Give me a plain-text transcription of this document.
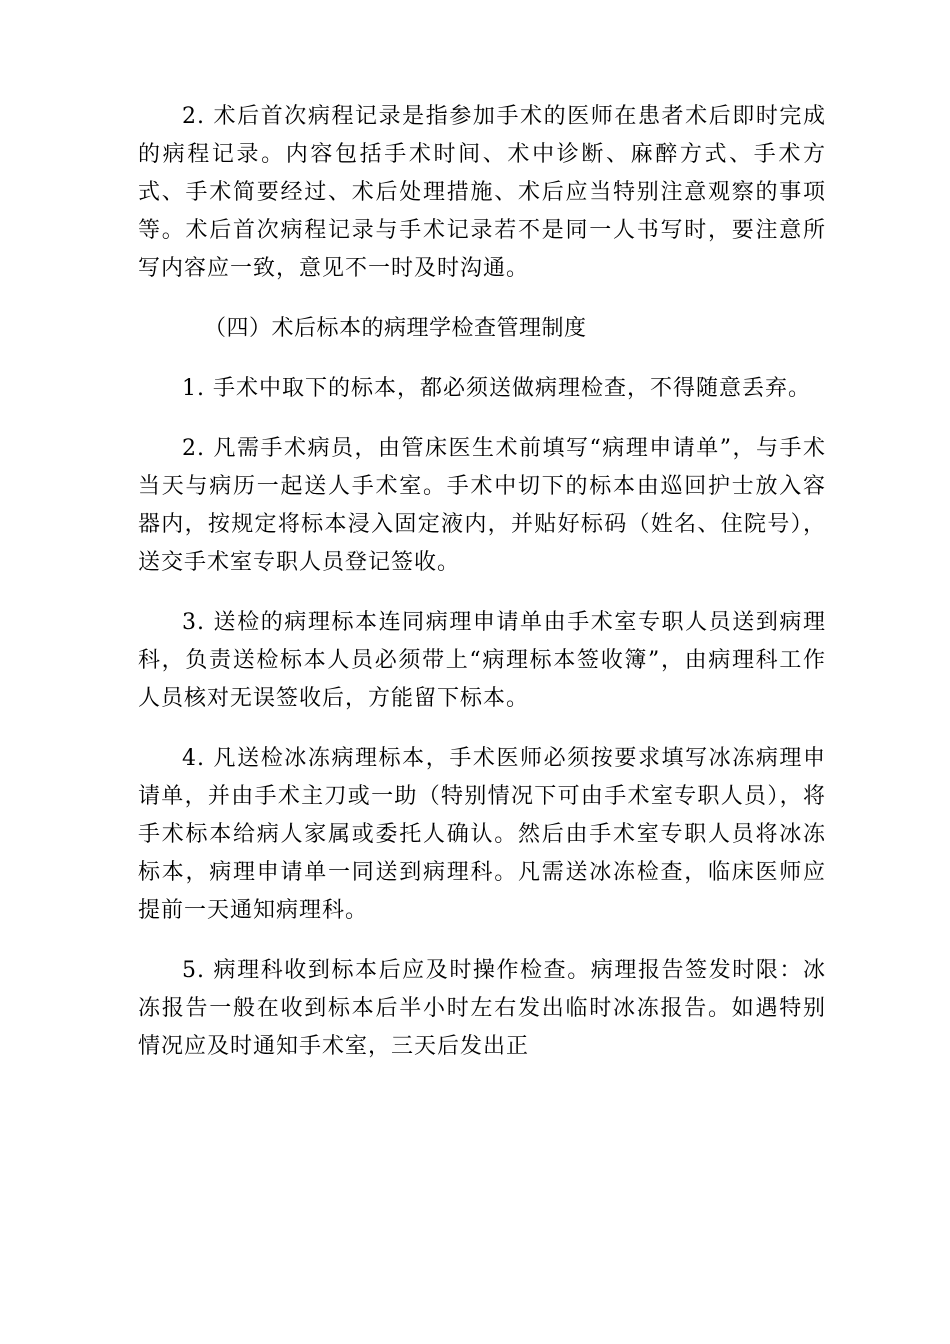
2. 术后首次病程记录是指参加手术的医师在患者术后即时完成的病程记录。内容包括手术时间、术中诊断、麻醉方式、手术方式、手术简要经过、术后处理措施、术后应当特别注意观察的事项等。术后首次病程记录与手术记录若不是同一人书写时，要注意所写内容应一致，意见不一时及时沟通。

（四）术后标本的病理学检查管理制度

1. 手术中取下的标本，都必须送做病理检查，不得随意丢弃。

2. 凡需手术病员，由管床医生术前填写“病理申请单”，与手术当天与病历一起送人手术室。手术中切下的标本由巡回护士放入容器内，按规定将标本浸入固定液内，并贴好标码（姓名、住院号），送交手术室专职人员登记签收。

3. 送检的病理标本连同病理申请单由手术室专职人员送到病理科，负责送检标本人员必须带上“病理标本签收簿”，由病理科工作人员核对无误签收后，方能留下标本。

4. 凡送检冰冻病理标本，手术医师必须按要求填写冰冻病理申请单，并由手术主刀或一助（特别情况下可由手术室专职人员），将手术标本给病人家属或委托人确认。然后由手术室专职人员将冰冻标本，病理申请单一同送到病理科。凡需送冰冻检查，临床医师应提前一天通知病理科。

5. 病理科收到标本后应及时操作检查。病理报告签发时限：冰冻报告一般在收到标本后半小时左右发出临时冰冻报告。如遇特别情况应及时通知手术室，三天后发出正
